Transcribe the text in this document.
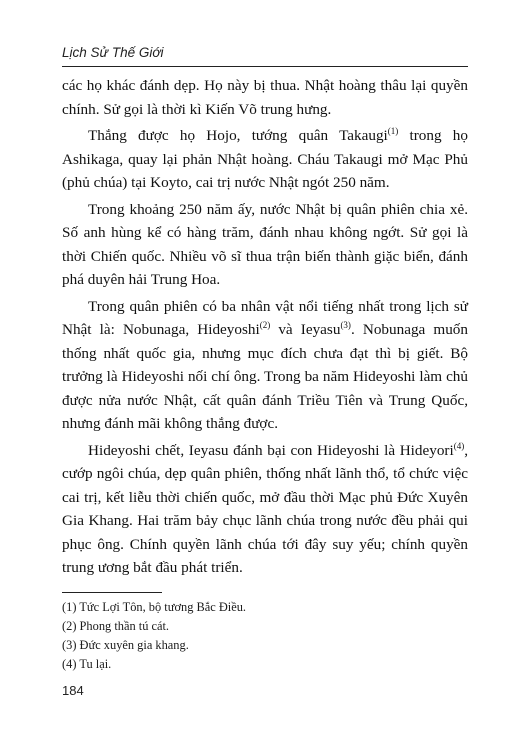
Lịch Sử Thế Giới

các họ khác đánh dẹp. Họ này bị thua. Nhật hoàng thâu lại quyền chính. Sử gọi là thời kì Kiến Võ trung hưng.

Thắng được họ Hojo, tướng quân Takaugi$^{(1)}$ trong họ Ashikaga, quay lại phản Nhật hoàng. Cháu Takaugi mở Mạc Phủ (phủ chúa) tại Koyto, cai trị nước Nhật ngót 250 năm.

Trong khoảng 250 năm ấy, nước Nhật bị quân phiên chia xẻ. Số anh hùng kể có hàng trăm, đánh nhau không ngớt. Sử gọi là thời Chiến quốc. Nhiều võ sĩ thua trận biến thành giặc biển, đánh phá duyên hải Trung Hoa.

Trong quân phiên có ba nhân vật nổi tiếng nhất trong lịch sử Nhật là: Nobunaga, Hideyoshi$^{(2)}$ và Ieyasu$^{(3)}$. Nobunaga muốn thống nhất quốc gia, nhưng mục đích chưa đạt thì bị giết. Bộ trưởng là Hideyoshi nối chí ông. Trong ba năm Hideyoshi làm chủ được nửa nước Nhật, cất quân đánh Triều Tiên và Trung Quốc, nhưng đánh mãi không thắng được.

Hideyoshi chết, Ieyasu đánh bại con Hideyoshi là Hideyori$^{(4)}$, cướp ngôi chúa, dẹp quân phiên, thống nhất lãnh thổ, tổ chức việc cai trị, kết liễu thời chiến quốc, mở đầu thời Mạc phủ Đức Xuyên Gia Khang. Hai trăm bảy chục lãnh chúa trong nước đều phải qui phục ông. Chính quyền lãnh chúa tới đây suy yếu; chính quyền trung ương bắt đầu phát triển.

(1) Tức Lợi Tôn, bộ tương Bắc Điều.
(2) Phong thần tú cát.
(3) Đức xuyên gia khang.
(4) Tu lại.
184
